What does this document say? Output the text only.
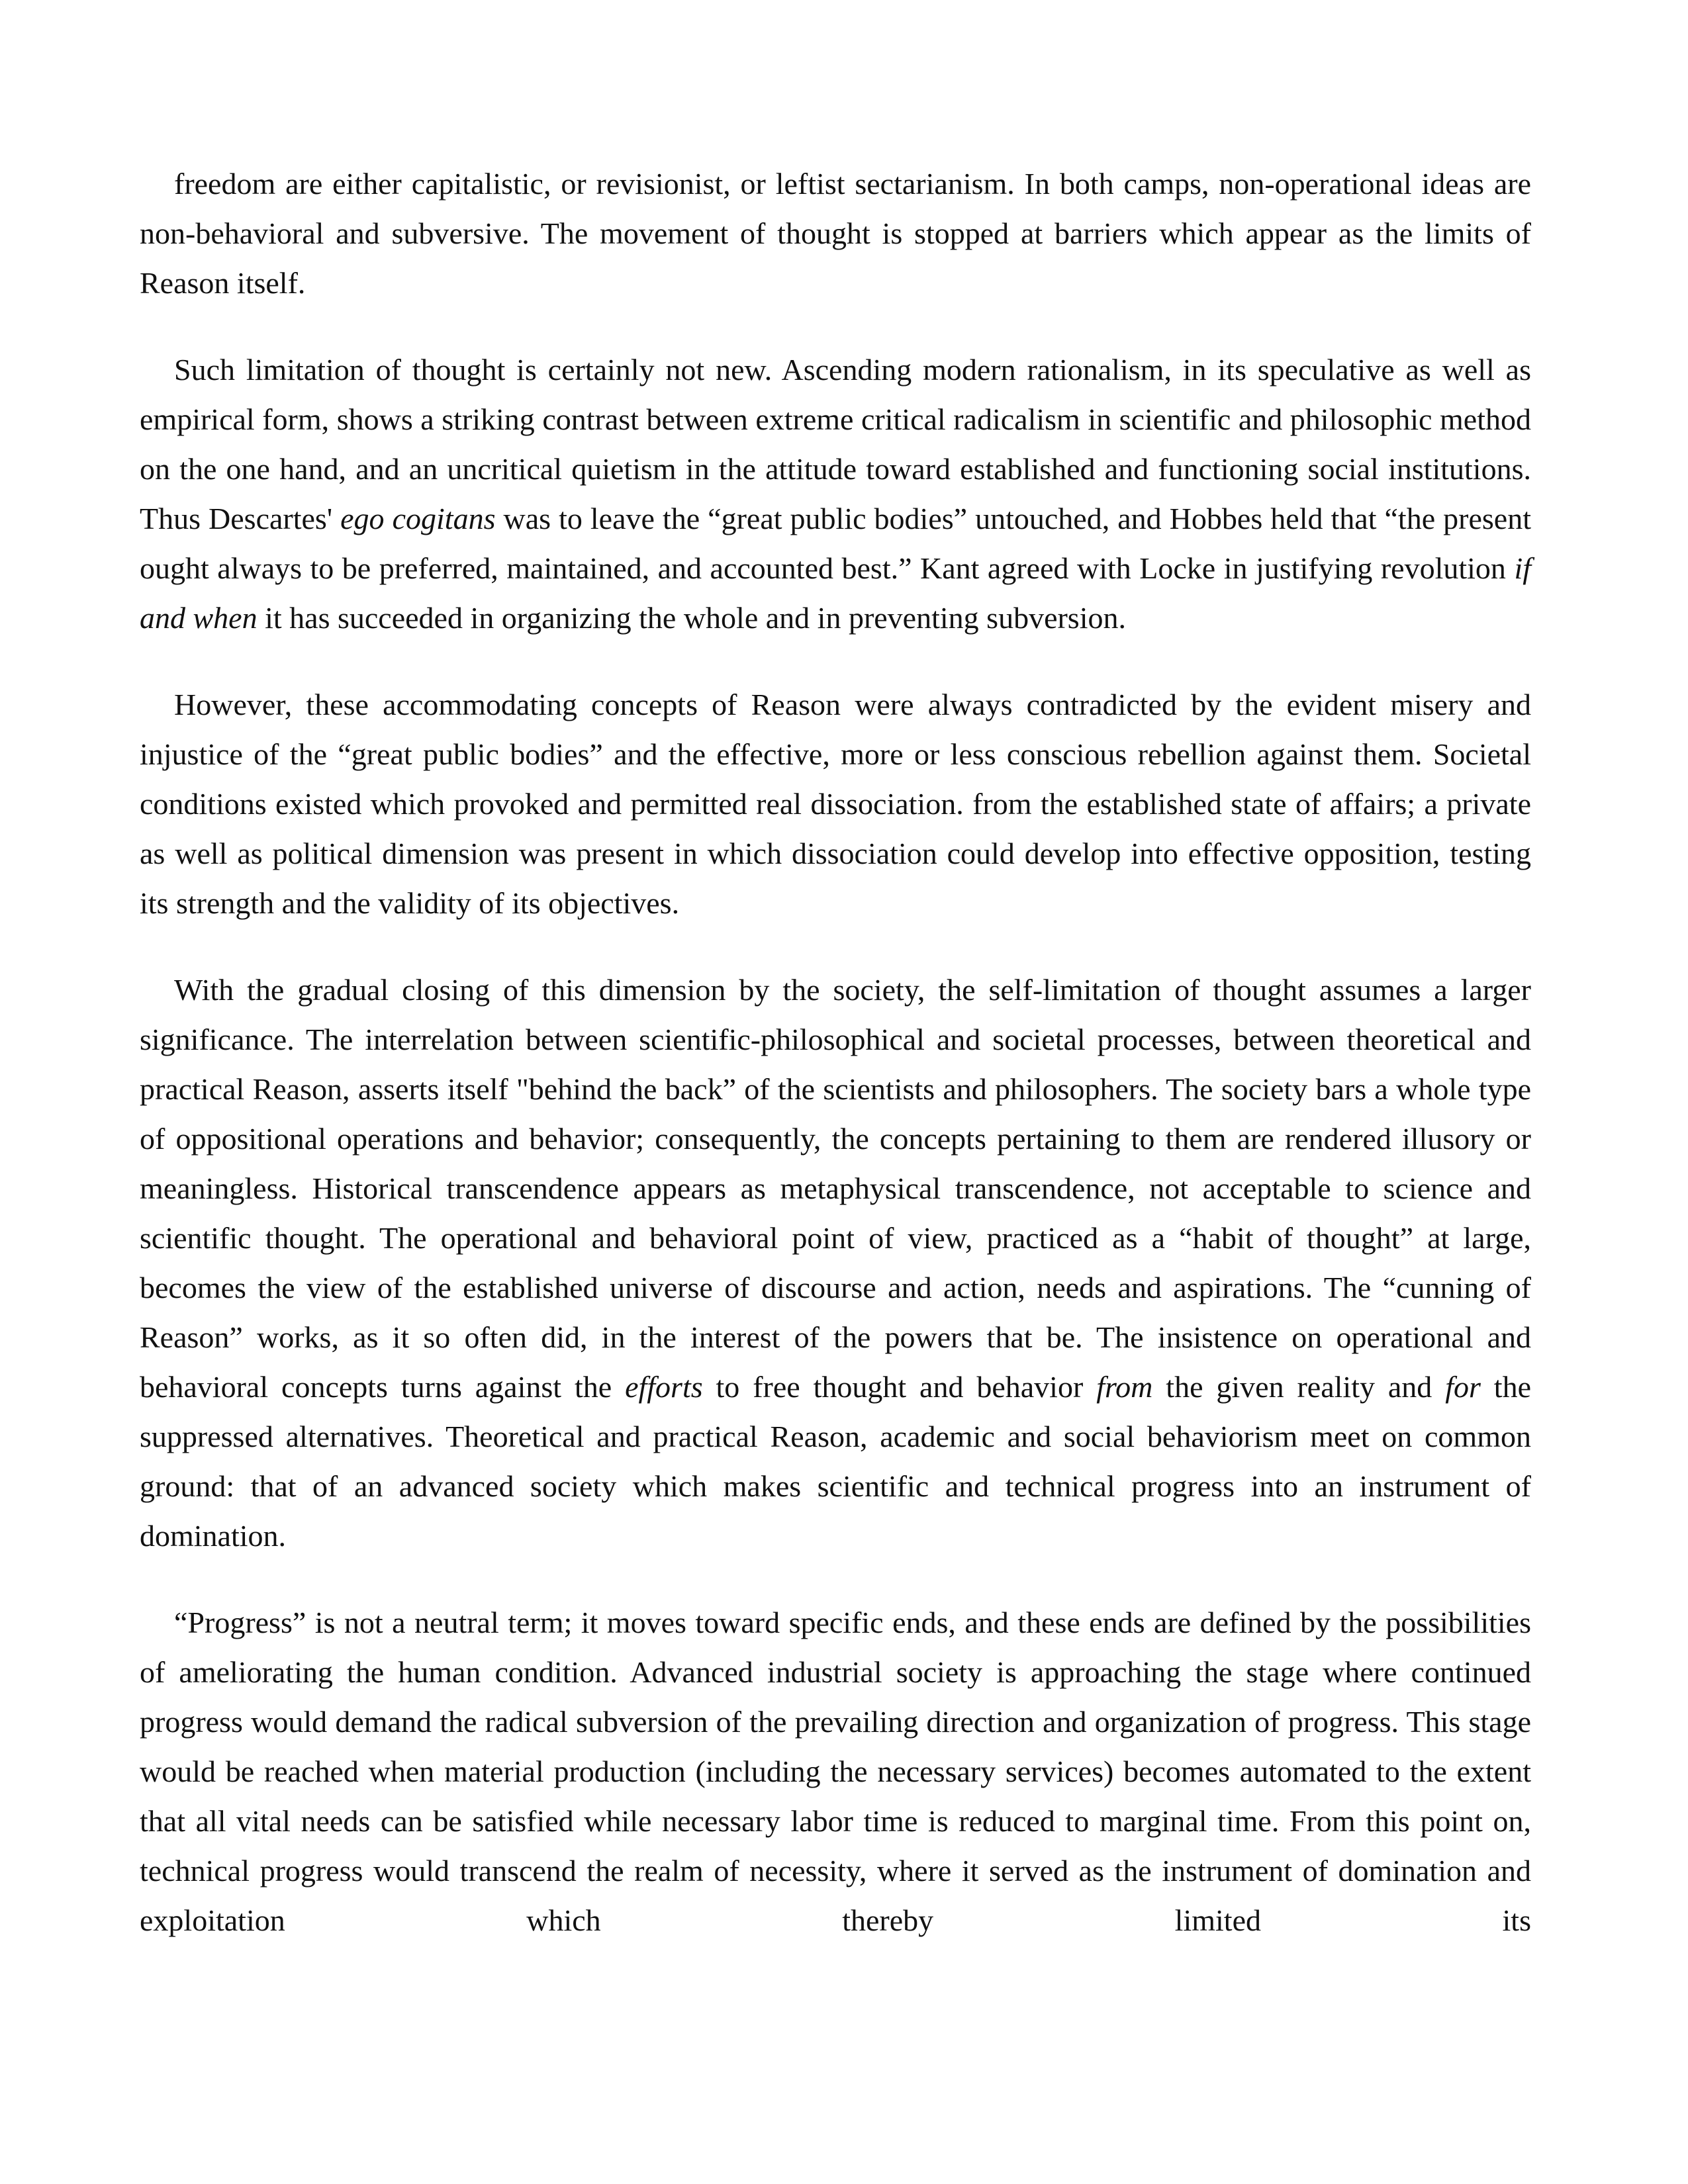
freedom are either capitalistic, or revisionist, or leftist sectarianism. In both camps, non-operational ideas are non-behavioral and subversive. The movement of thought is stopped at barriers which appear as the limits of Reason itself.

Such limitation of thought is certainly not new. Ascending modern rationalism, in its speculative as well as empirical form, shows a striking contrast between extreme critical radicalism in scientific and philosophic method on the one hand, and an uncritical quietism in the attitude toward established and functioning social institutions. Thus Descartes' ego cogitans was to leave the “great public bodies” untouched, and Hobbes held that “the present ought always to be preferred, maintained, and accounted best.” Kant agreed with Locke in justifying revolution if and when it has succeeded in organizing the whole and in preventing subversion.

However, these accommodating concepts of Reason were always contradicted by the evident misery and injustice of the “great public bodies” and the effective, more or less conscious rebellion against them. Societal conditions existed which provoked and permitted real dissociation. from the established state of affairs; a private as well as political dimension was present in which dissociation could develop into effective opposition, testing its strength and the validity of its objectives.

With the gradual closing of this dimension by the society, the self-limitation of thought assumes a larger significance. The interrelation between scientific-philosophical and societal processes, between theoretical and practical Reason, asserts itself "behind the back” of the scientists and philosophers. The society bars a whole type of oppositional operations and behavior; consequently, the concepts pertaining to them are rendered illusory or meaningless. Historical transcendence appears as metaphysical transcendence, not acceptable to science and scientific thought. The operational and behavioral point of view, practiced as a “habit of thought” at large, becomes the view of the established universe of discourse and action, needs and aspirations. The “cunning of Reason” works, as it so often did, in the interest of the powers that be. The insistence on operational and behavioral concepts turns against the efforts to free thought and behavior from the given reality and for the suppressed alternatives. Theoretical and practical Reason, academic and social behaviorism meet on common ground: that of an advanced society which makes scientific and technical progress into an instrument of domination.

“Progress” is not a neutral term; it moves toward specific ends, and these ends are defined by the possibilities of ameliorating the human condition. Advanced industrial society is approaching the stage where continued progress would demand the radical subversion of the prevailing direction and organization of progress. This stage would be reached when material production (including the necessary services) becomes automated to the extent that all vital needs can be satisfied while necessary labor time is reduced to marginal time. From this point on, technical progress would transcend the realm of necessity, where it served as the instrument of domination and exploitation which thereby limited its
